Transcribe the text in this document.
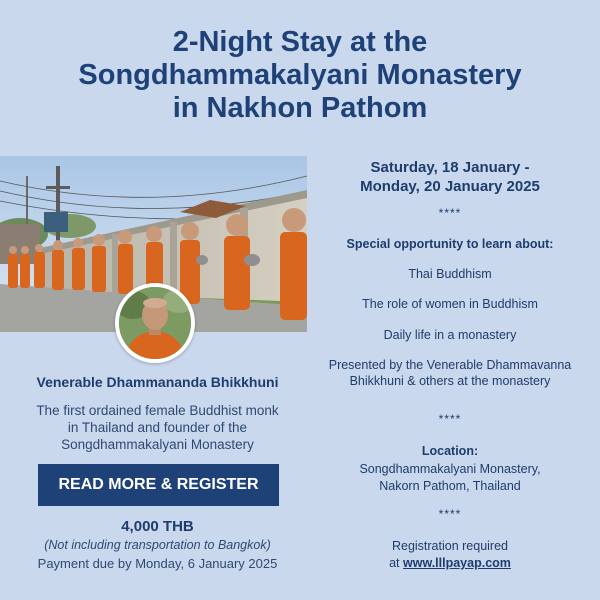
2-Night Stay at the
Songdhammakalyani Monastery
in Nakhon Pathom
Venerable Dhammananda Bhikkhuni
The first ordained female Buddhist monk in Thailand and founder of the Songdhammakalyani Monastery
READ MORE & REGISTER
4,000 THB
(Not including transportation to Bangkok)
Payment due by Monday, 6 January 2025
Saturday, 18 January -
Monday, 20 January 2025
****
Special opportunity to learn about:
Thai Buddhism
The role of women in Buddhism
Daily life in a monastery
Presented by the Venerable Dhammavanna Bhikkhuni & others at the monastery
****
Location:
Songdhammakalyani Monastery,
Nakorn Pathom, Thailand
****
Registration required
at www.lllpayap.com
